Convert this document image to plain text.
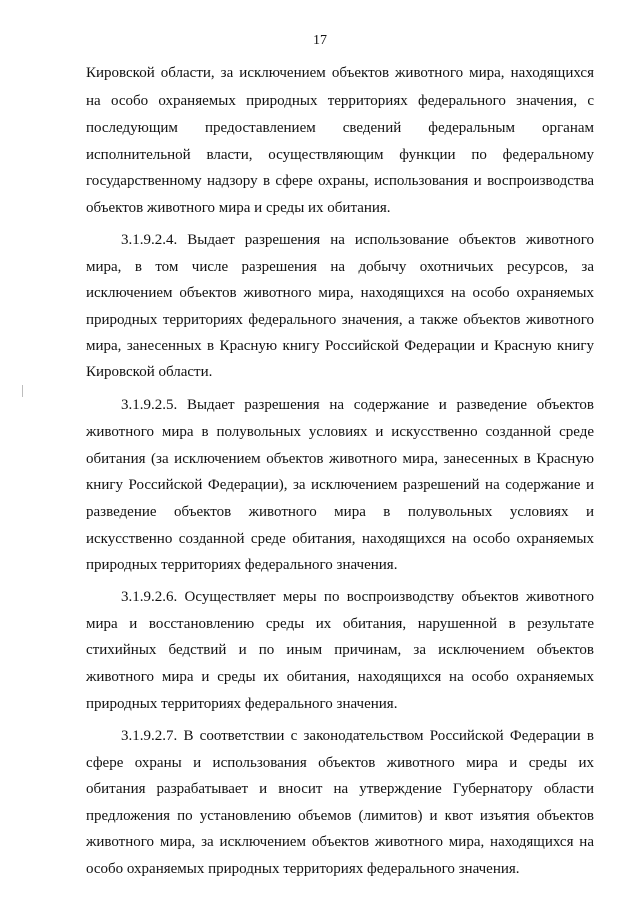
17
Кировской области, за исключением объектов животного мира, находящихся
на особо охраняемых природных территориях федерального значения, с
последующим предоставлением сведений федеральным органам
исполнительной власти, осуществляющим функции по федеральному
государственному надзору в сфере охраны, использования и воспроизводства
объектов животного мира и среды их обитания.
3.1.9.2.4. Выдает разрешения на использование объектов животного
мира, в том числе разрешения на добычу охотничьих ресурсов, за
исключением объектов животного мира, находящихся на особо охраняемых
природных территориях федерального значения, а также объектов животного
мира, занесенных в Красную книгу Российской Федерации и Красную книгу
Кировской области.
3.1.9.2.5. Выдает разрешения на содержание и разведение объектов
животного мира в полувольных условиях и искусственно созданной среде
обитания (за исключением объектов животного мира, занесенных в Красную
книгу Российской Федерации), за исключением разрешений на содержание и
разведение объектов животного мира в полувольных условиях и
искусственно созданной среде обитания, находящихся на особо охраняемых
природных территориях федерального значения.
3.1.9.2.6. Осуществляет меры по воспроизводству объектов животного
мира и восстановлению среды их обитания, нарушенной в результате
стихийных бедствий и по иным причинам, за исключением объектов
животного мира и среды их обитания, находящихся на особо охраняемых
природных территориях федерального значения.
3.1.9.2.7. В соответствии с законодательством Российской Федерации в
сфере охраны и использования объектов животного мира и среды их
обитания разрабатывает и вносит на утверждение Губернатору области
предложения по установлению объемов (лимитов) и квот изъятия объектов
животного мира, за исключением объектов животного мира, находящихся на
особо охраняемых природных территориях федерального значения.
